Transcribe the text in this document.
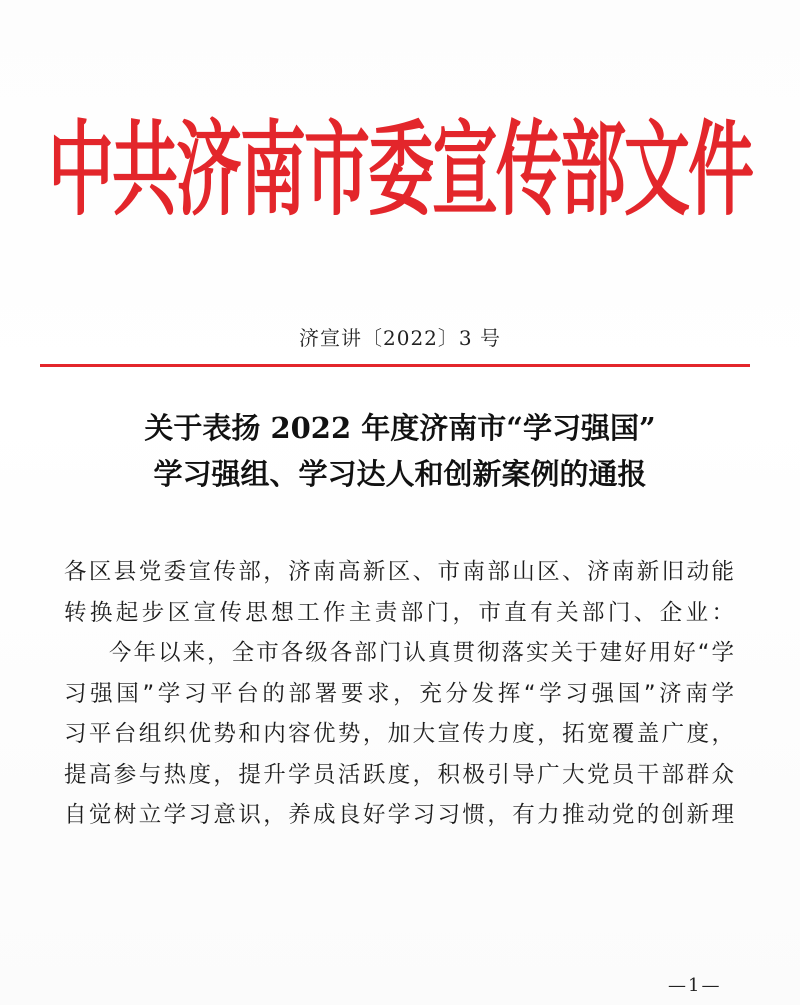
中共济南市委宣传部文件
济宣讲〔2022〕3 号
关于表扬 2022 年度济南市“学习强国”
学习强组、学习达人和创新案例的通报
各区县党委宣传部，济南高新区、市南部山区、济南新旧动能
转换起步区宣传思想工作主责部门，市直有关部门、企业：
今年以来，全市各级各部门认真贯彻落实关于建好用好“学
习强国”学习平台的部署要求，充分发挥“学习强国”济南学
习平台组织优势和内容优势，加大宣传力度，拓宽覆盖广度，
提高参与热度，提升学员活跃度，积极引导广大党员干部群众
自觉树立学习意识，养成良好学习习惯，有力推动党的创新理
—1—
